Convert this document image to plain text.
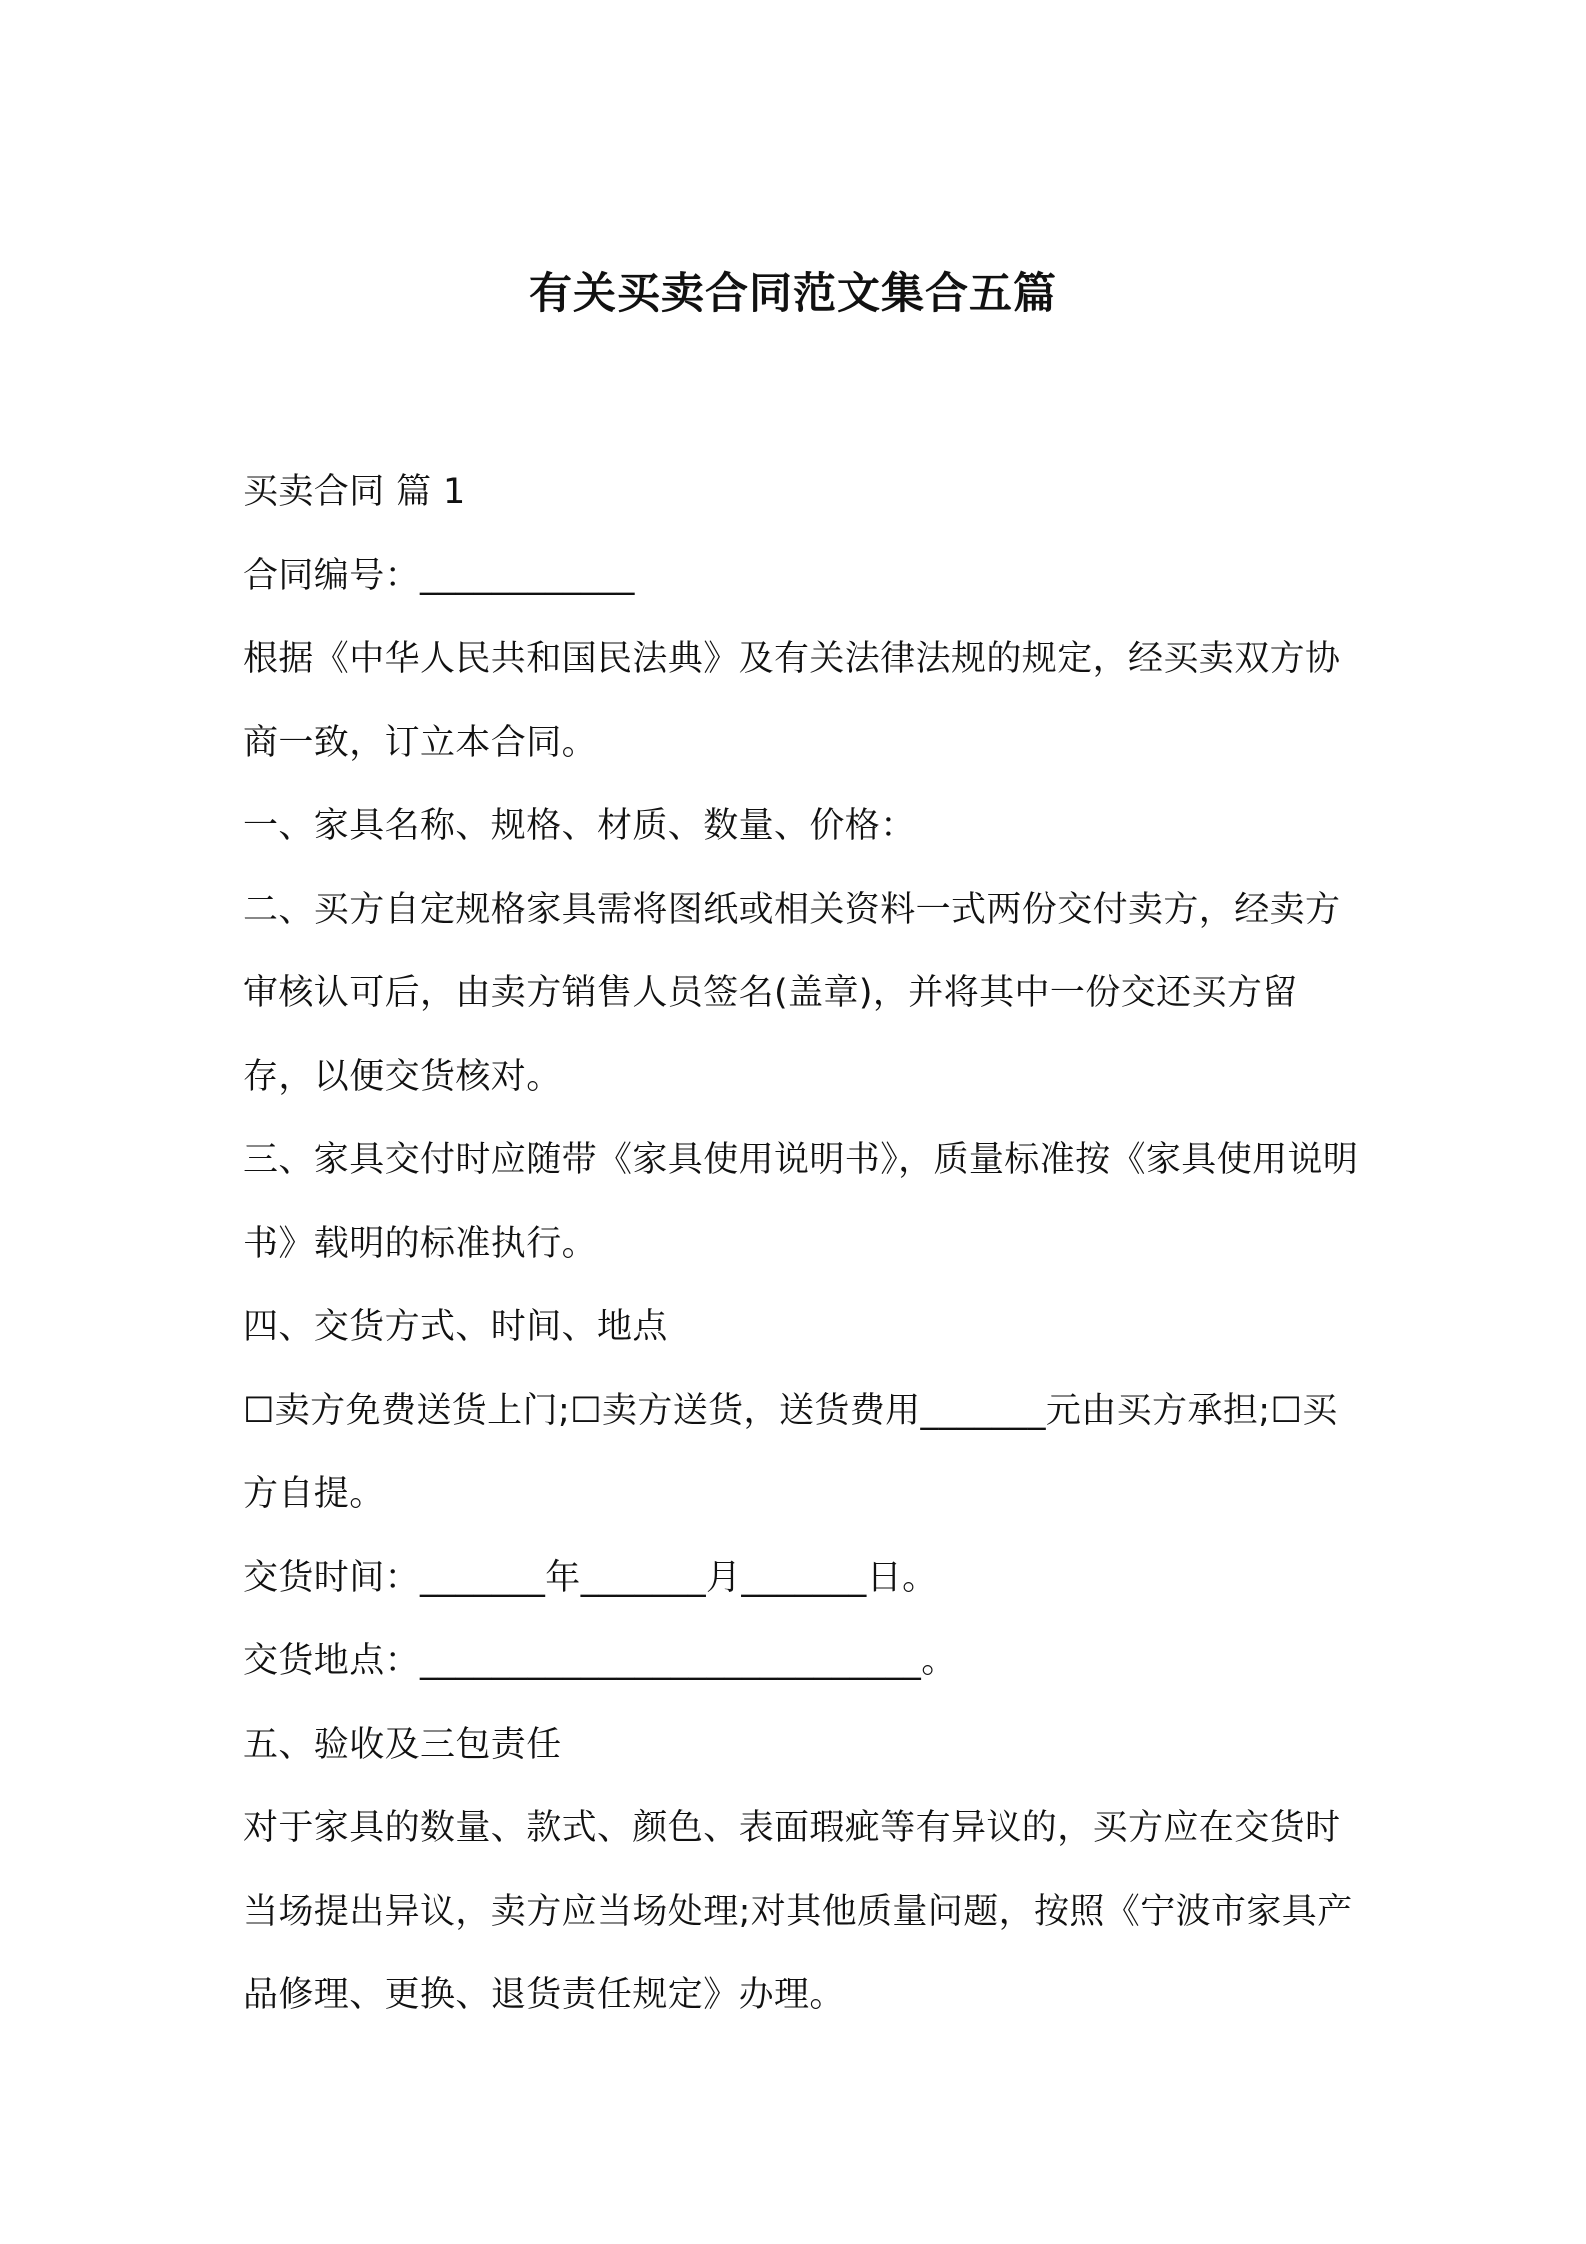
有关买卖合同范文集合五篇

买卖合同 篇 1

合同编号：____________

根据《中华人民共和国民法典》及有关法律法规的规定，经买卖双方协商一致，订立本合同。

一、家具名称、规格、材质、数量、价格：

二、买方自定规格家具需将图纸或相关资料一式两份交付卖方，经卖方审核认可后，由卖方销售人员签名(盖章)，并将其中一份交还买方留存，以便交货核对。

三、家具交付时应随带《家具使用说明书》，质量标准按《家具使用说明书》载明的标准执行。

四、交货方式、时间、地点

☐卖方免费送货上门;☐卖方送货，送货费用_______元由买方承担;☐买方自提。

交货时间：_______年_______月_______日。

交货地点：____________________________。

五、验收及三包责任

对于家具的数量、款式、颜色、表面瑕疵等有异议的，买方应在交货时当场提出异议，卖方应当场处理;对其他质量问题，按照《宁波市家具产品修理、更换、退货责任规定》办理。
